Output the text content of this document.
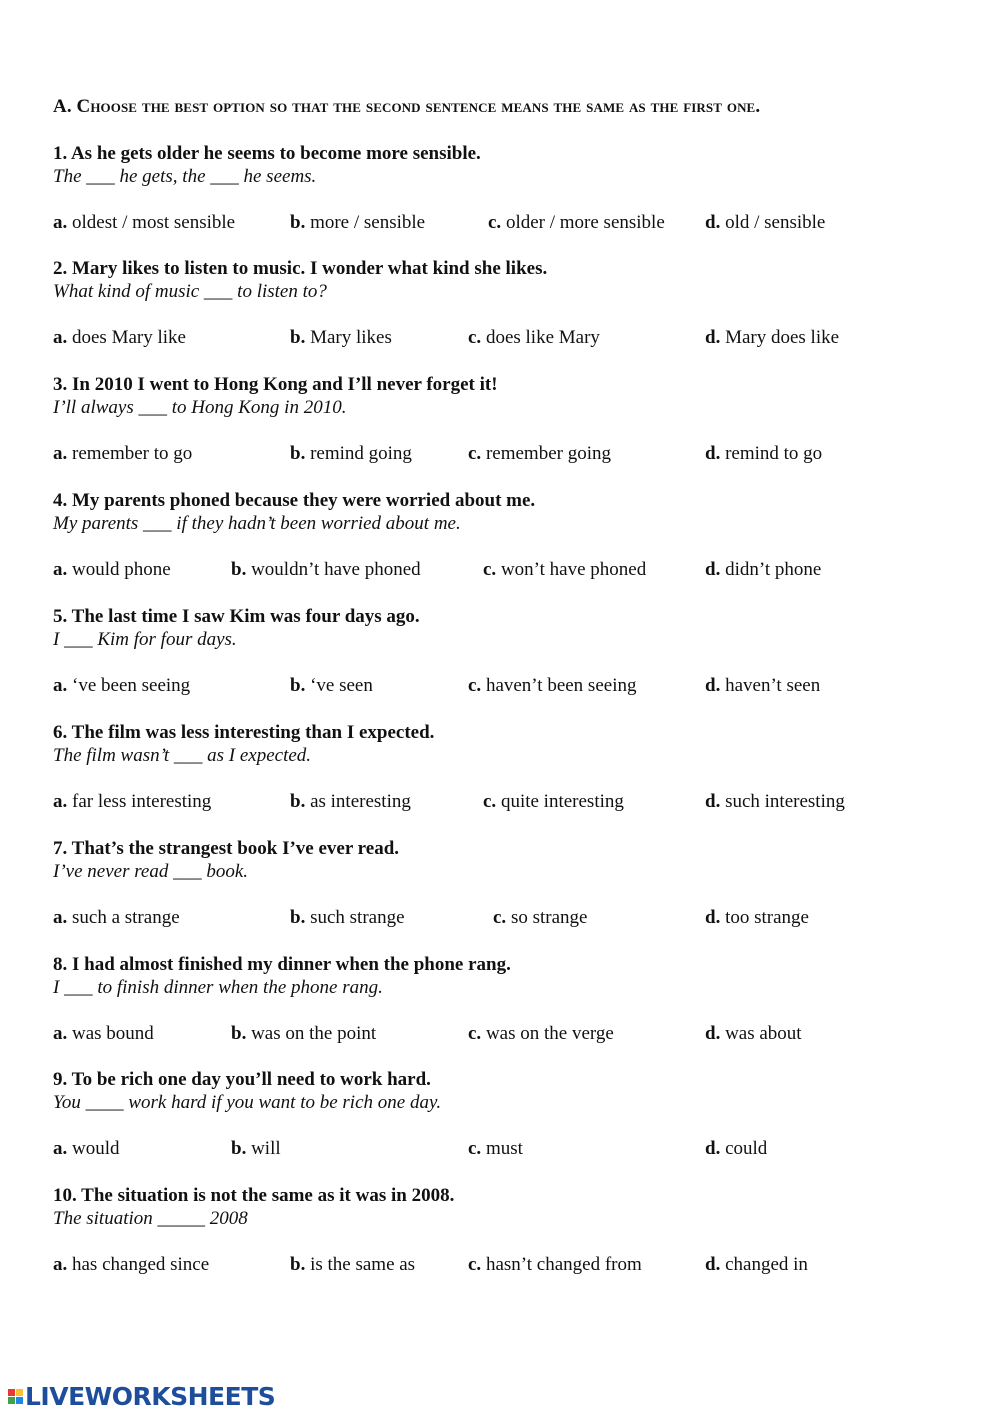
A. Choose the best option so that the second sentence means the same as the first one.
1. As he gets older he seems to become more sensible.
The ___ he gets, the ___ he seems.
a. oldest / most sensible	b. more / sensible	c. older / more sensible d. old / sensible
2. Mary likes to listen to music. I wonder what kind she likes.
What kind of music ___ to listen to?
a. does Mary like	b. Mary likes	c. does like Mary	d. Mary does like
3. In 2010 I went to Hong Kong and I’ll never forget it!
I’ll always ___ to Hong Kong in 2010.
a. remember to go	b. remind going	c. remember going	d. remind to go
4. My parents phoned because they were worried about me.
My parents ___ if they hadn’t been worried about me.
a. would phone	b. wouldn’t have phoned	c. won’t have phoned	d. didn’t phone
5. The last time I saw Kim was four days ago.
I ___ Kim for four days.
a. ‘ve been seeing	b. ‘ve seen	c. haven’t been seeing	d. haven’t seen
6. The film was less interesting than I expected.
The film wasn’t ___ as I expected.
a. far less interesting	b. as interesting	c. quite interesting	d. such interesting
7. That’s the strangest book I’ve ever read.
I’ve never read ___ book.
a. such a strange	b. such strange	c. so strange	d. too strange
8. I had almost finished my dinner when the phone rang.
I ___ to finish dinner when the phone rang.
a. was bound	b. was on the point	c. was on the verge	d. was about
9. To be rich one day you’ll need to work hard.
You ____ work hard if you want to be rich one day.
a. would	b. will	c. must	d. could
10. The situation is not the same as it was in 2008.
The situation _____ 2008
a. has changed since	b. is the same as	c. hasn’t changed from	d. changed in
LIVEWORKSHEETS
